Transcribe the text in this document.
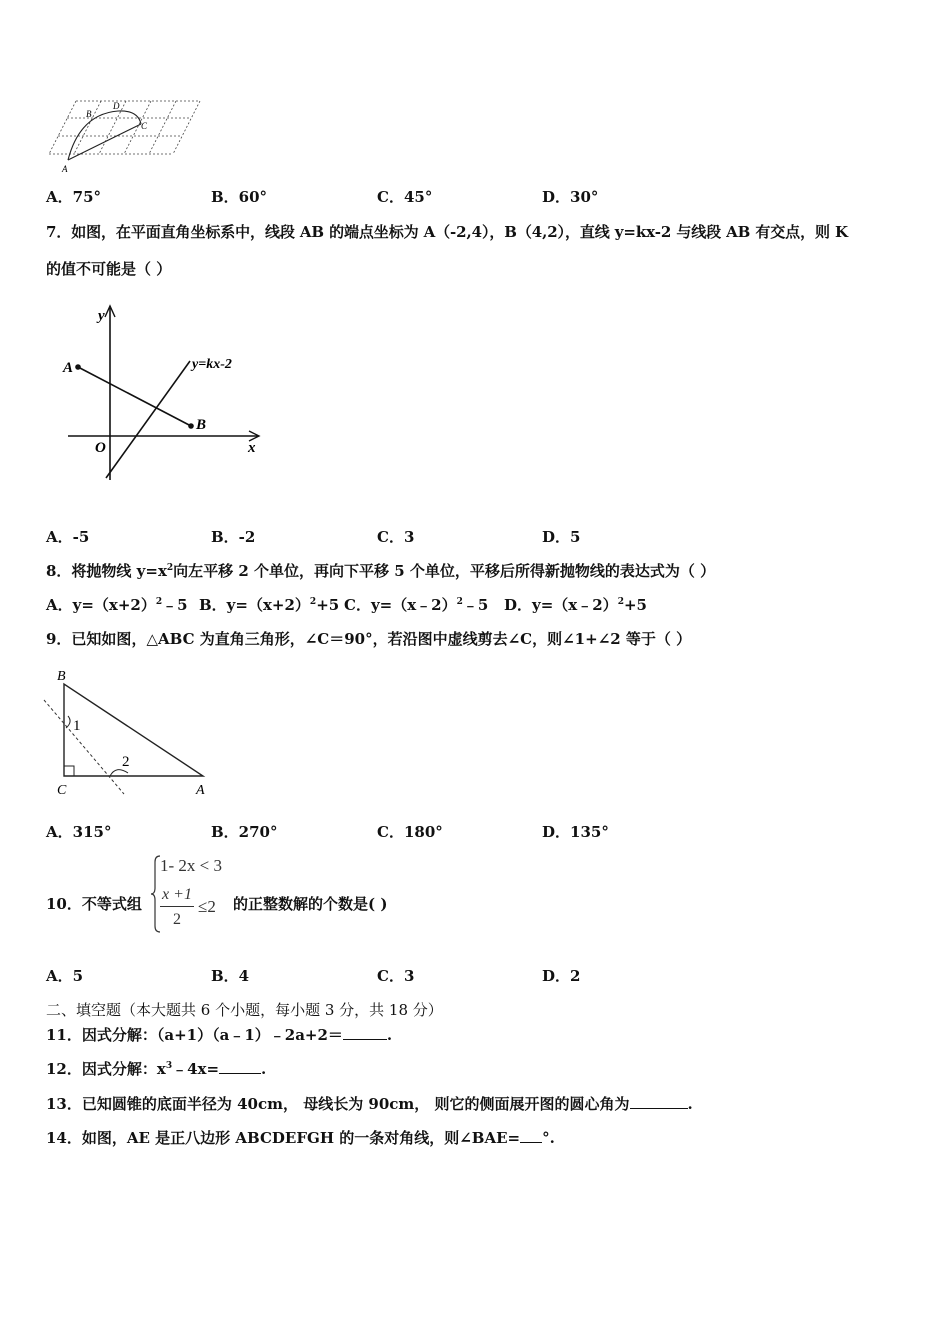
B
D
C
A
A．75°	B．60°	C．45°	D．30°
7．如图，在平面直角坐标系中，线段 AB 的端点坐标为 A（-2,4），B（4,2），直线 y=kx-2 与线段 AB 有交点，则 K
的值不可能是（ ）
y
x
O
A
B
y=kx-2
A．-5	B．-2	C．3	D．5
8．将抛物线 $y=x^2$向左平移 2 个单位，再向下平移 5 个单位，平移后所得新抛物线的表达式为（ ）
A．$y=(x+2)^2﹣5$ B．$y=(x+2)^2+5$ C．y=（x﹣2）$^2$﹣5 D．y=（x﹣2）$^2$+5
9．已知如图，△ABC 为直角三角形，∠C＝90°，若沿图中虚线剪去∠C，则∠1+∠2 等于（ ）
B
C	A
1
2
A．315°	B．270°	C．180°	D．135°
10．不等式组
1- 2x < 3
$\frac{x +1}{2} \le 2$ 的正整数解的个数是( )
A．5	B．4	C．3	D．2
二、填空题（本大题共 6 个小题，每小题 3 分，共 18 分）
11．因式分解：（a+1）（a﹣1）﹣2a+2＝	.
12．因式分解：$x^3﹣4x=$	.
13．已知圆锥的底面半径为 40cm， 母线长为 90cm， 则它的侧面展开图的圆心角为	.
14．如图，AE 是正八边形 ABCDEFGH 的一条对角线，则∠BAE= °.
